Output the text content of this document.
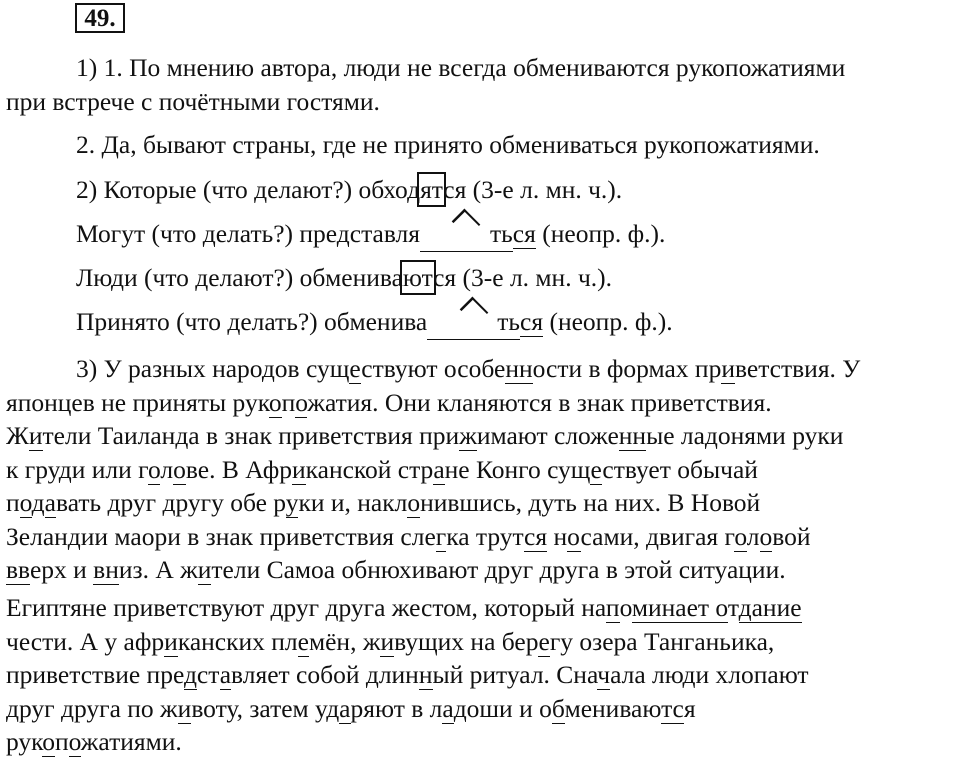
49.
1) 1. По мнению автора, люди не всегда обмениваются рукопожатиями
при встрече с почётными гостями.
2. Да, бывают страны, где не принято обмениваться рукопожатиями.
2) Которые (что делают?) обходятся (3-е л. мн. ч.).
Могут (что делать?) представля	ться (неопр. ф.).
Люди (что делают?) обмениваются (3-е л. мн. ч.).
Принято (что делать?) обменива	ться (неопр. ф.).
3) У разных народов существуют особенности в формах приветствия. У
японцев не приняты рукопожатия. Они кланяются в знак приветствия.
Жители Таиланда в знак приветствия прижимают сложенные ладонями руки
к груди или голове. В Африканской стране Конго существует обычай
подавать друг другу обе руки и, наклонившись, дуть на них. В Новой
Зеландии маори в знак приветствия слегка трутся носами, двигая головой
вверх и вниз. А жители Самоа обнюхивают друг друга в этой ситуации.
Египтяне приветствуют друг друга жестом, который напоминает отдание
чести. А у африканских племён, живущих на берегу озера Танганьика,
приветствие представляет собой длинный ритуал. Сначала люди хлопают
друг друга по животу, затем ударяют в ладоши и обмениваются
рукопожатиями.
